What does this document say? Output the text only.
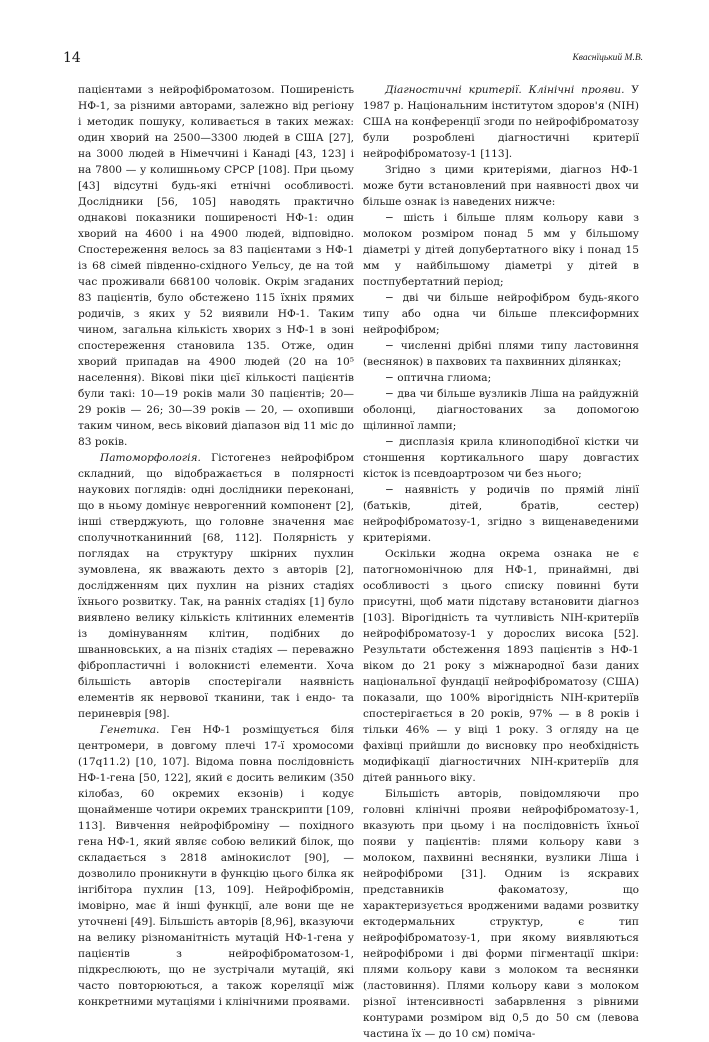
14	Кваснїцький М.В.

пацієнтами з нейрофіброматозом. Поширеність НФ-1, за різними авторами, залежно від регіону і методик пошуку, коливається в таких межах: один хворий на 2500—3300 людей в США [27], на 3000 людей в Німеччині і Канаді [43, 123] і на 7800 — у колишньому СРСР [108]. При цьому [43] відсутні будь-які етнічні особливості. Дослідники [56, 105] наводять практично однакові показники поширеності НФ-1: один хворий на 4600 і на 4900 людей, відповідно. Спостереження велось за 83 пацієнтами з НФ-1 із 68 сімей південно-східного Уельсу, де на той час проживали 668100 чоловік. Окрім згаданих 83 пацієнтів, було обстежено 115 їхніх прямих родичів, з яких у 52 виявили НФ-1. Таким чином, загальна кількість хворих з НФ-1 в зоні спостереження становила 135. Отже, один хворий припадав на 4900 людей (20 на 10⁵ населення). Вікові піки цієї кількості пацієнтів були такі: 10—19 років мали 30 пацієнтів; 20—29 років — 26; 30—39 років — 20, — охопивши таким чином, весь віковий діапазон від 11 міс до 83 років.

Патоморфологія. Гістогенез нейрофібром складний, що відображається в полярності наукових поглядів: одні дослідники переконані, що в ньому домінує неврогенний компонент [2], інші стверджують, що головне значення має сполучнотканинний [68, 112]. Полярність у поглядах на структуру шкірних пухлин зумовлена, як вважають дехто з авторів [2], дослідженням цих пухлин на різних стадіях їхнього розвитку. Так, на ранніх стадіях [1] було виявлено велику кількість клітинних елементів із домінуванням клітин, подібних до шванновських, а на пізніх стадіях — переважно фібропластичні і волокнисті елементи. Хоча більшість авторів спостерігали наявність елементів як нервової тканини, так і ендо- та периневрія [98].

Генетика. Ген НФ-1 розміщується біля центромери, в довгому плечі 17-ї хромосоми (17q11.2) [10, 107]. Відома повна послідовність НФ-1-гена [50, 122], який є досить великим (350 кілобаз, 60 окремих екзонів) і кодує щонайменше чотири окремих транскрипти [109, 113]. Вивчення нейрофіброміну — похідного гена НФ-1, який являє собою великий білок, що складається з 2818 амінокислот [90], — дозволило проникнути в функцію цього білка як інгібітора пухлин [13, 109]. Нейрофібромін, імовірно, має й інші функції, але вони ще не уточнені [49]. Більшість авторів [8,96], вказуючи на велику різноманітність мутацій НФ-1-гена у пацієнтів з нейрофіброматозом-1, підкреслюють, що не зустрічали мутацій, які часто повторюються, а також кореляції між конкретними мутаціями і клінічними проявами.

Діагностичні критерії. Клінічні прояви. У 1987 р. Національним інститутом здоров'я (NIH) США на конференції згоди по нейрофіброматозу були розроблені діагностичні критерії нейрофіброматозу-1 [113].

Згідно з цими критеріями, діагноз НФ-1 може бути встановлений при наявності двох чи більше ознак із наведених нижче:

− шість і більше плям кольору кави з молоком розміром понад 5 мм у більшому діаметрі у дітей допубертатного віку і понад 15 мм у найбільшому діаметрі у дітей в постпубертатний період;
− дві чи більше нейрофібром будь-якого типу або одна чи більше плексиформних нейрофібром;
− численні дрібні плями типу ластовиння (веснянок) в пахвових та пахвинних ділянках;
− оптична глиома;
− два чи більше вузликів Ліша на райдужній оболонці, діагностованих за допомогою щілинної лампи;
− дисплазія крила клиноподібної кістки чи стоншення кортикального шару довгастих кісток із псевдоартрозом чи без нього;
− наявність у родичів по прямій лінії (батьків, дітей, братів, сестер) нейрофіброматозу-1, згідно з вищенаведеними критеріями.

Оскільки жодна окрема ознака не є патогномонічною для НФ-1, принаймні, дві особливості з цього списку повинні бути присутні, щоб мати підставу встановити діагноз [103]. Вірогідність та чутливість NIH-критеріїв нейрофіброматозу-1 у дорослих висока [52]. Результати обстеження 1893 пацієнтів з НФ-1 віком до 21 року з міжнародної бази даних національної фундації нейрофіброматозу (США) показали, що 100% вірогідність NIH-критеріїв спостерігається в 20 років, 97% — в 8 років і тільки 46% — у віці 1 року. З огляду на це фахівці прийшли до висновку про необхідність модифікації діагностичних NIH-критеріїв для дітей раннього віку.

Більшість авторів, повідомляючи про головні клінічні прояви нейрофіброматозу-1, вказують при цьому і на послідовність їхньої появи у пацієнтів: плями кольору кави з молоком, пахвинні веснянки, вузлики Ліша і нейрофіброми [31]. Одним із яскравих представників факоматозу, що характеризується вродженими вадами розвитку ектодермальних структур, є тип нейрофіброматозу-1, при якому виявляються нейрофіброми і дві форми пігментації шкіри: плями кольору кави з молоком та веснянки (ластовиння). Плями кольору кави з молоком різної інтенсивності забарвлення з рівними контурами розміром від 0,5 до 50 см (левова частина їх — до 10 см) поміча-
